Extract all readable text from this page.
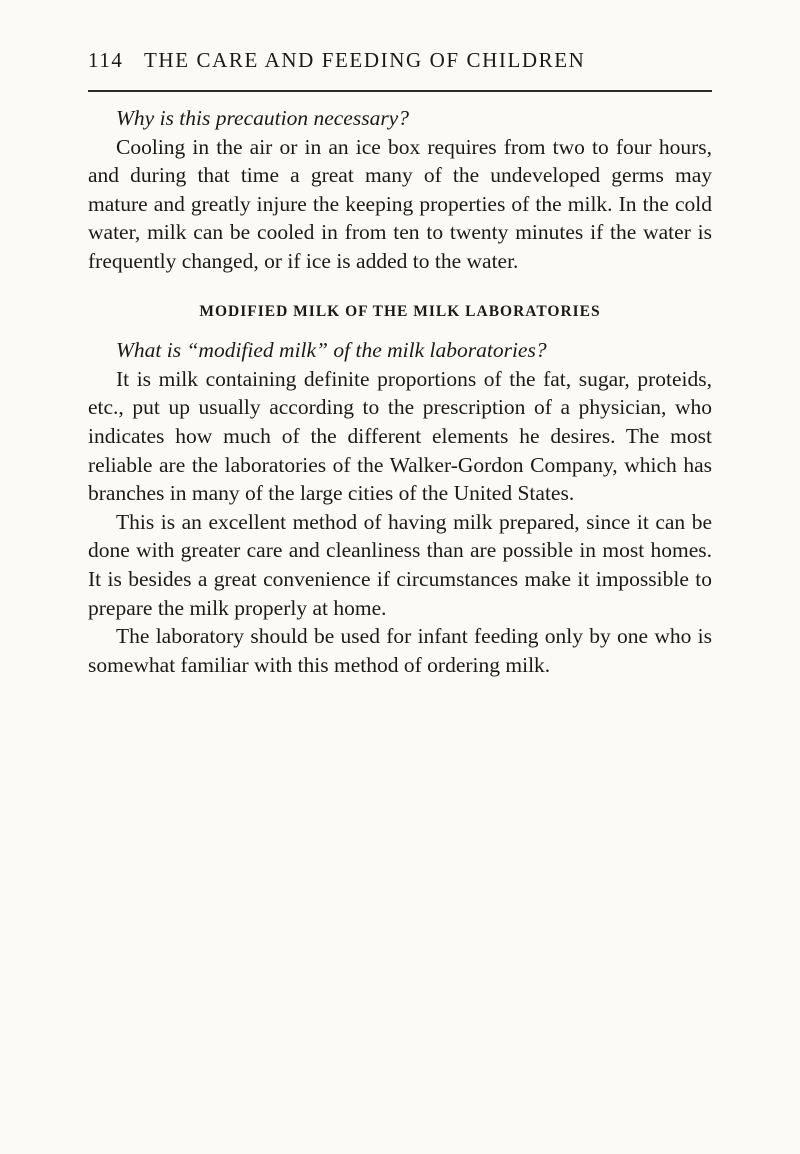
114 THE CARE AND FEEDING OF CHILDREN

Why is this precaution necessary?

Cooling in the air or in an ice box requires from two to four hours, and during that time a great many of the undeveloped germs may mature and greatly injure the keeping properties of the milk. In the cold water, milk can be cooled in from ten to twenty minutes if the water is frequently changed, or if ice is added to the water.

MODIFIED MILK OF THE MILK LABORATORIES

What is “modified milk” of the milk laboratories?

It is milk containing definite proportions of the fat, sugar, proteids, etc., put up usually according to the prescription of a physician, who indicates how much of the different elements he desires. The most reliable are the laboratories of the Walker-Gordon Company, which has branches in many of the large cities of the United States.

This is an excellent method of having milk prepared, since it can be done with greater care and cleanliness than are possible in most homes. It is besides a great convenience if circumstances make it impossible to prepare the milk properly at home.

The laboratory should be used for infant feeding only by one who is somewhat familiar with this method of ordering milk.
